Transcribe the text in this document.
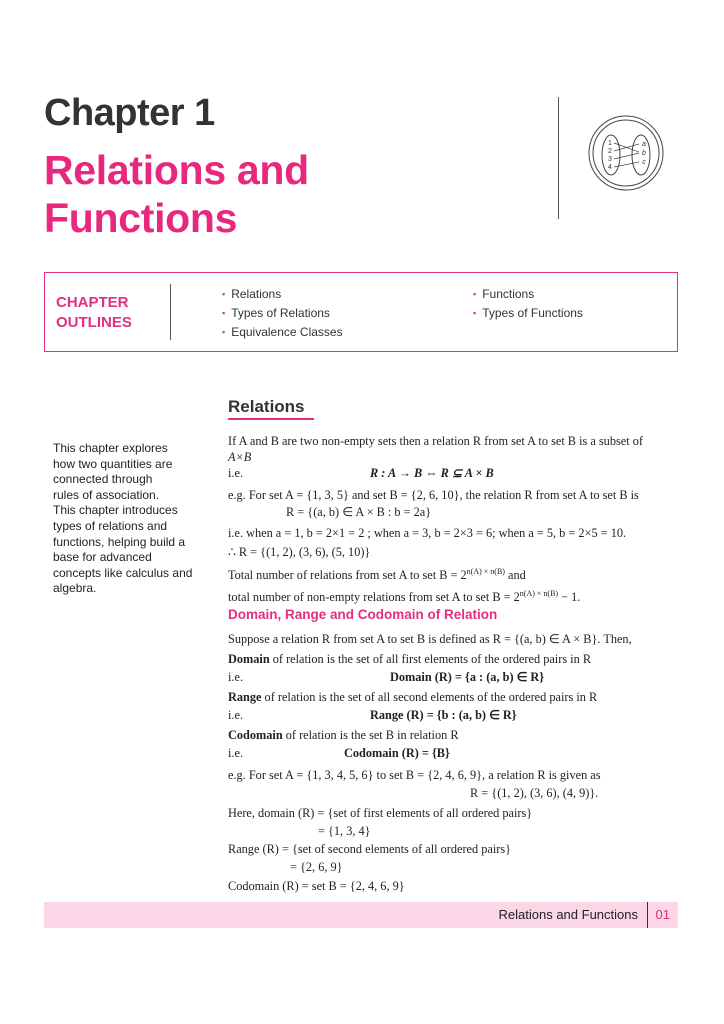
Chapter 1
Relations and
Functions
1
2
3
4
a
b
c
CHAPTER
OUTLINES
▪ Relations
▪ Types of Relations
▪ Equivalence Classes
▪ Functions
▪ Types of Functions
This chapter explores
how two quantities are
connected through
rules of association.
This chapter introduces
types of relations and
functions, helping build a
base for advanced
concepts like calculus and
algebra.
Relations
If A and B are two non-empty sets then a relation R from set A to set B is a subset of
A×B
i.e.	R : A → B ⇔ R ⊆ A × B
e.g. For set A = {1, 3, 5} and set B = {2, 6, 10}, the relation R from set A to set B is
R = {(a, b) ∈ A × B : b = 2a}
i.e. when a = 1, b = 2×1 = 2 ; when a = 3, b = 2×3 = 6; when a = 5, b = 2×5 = 10.
∴ R = {(1, 2), (3, 6), (5, 10)}
Total number of relations from set A to set $B = 2^{n(A) \times n(B)}$ and
total number of non-empty relations from set A to set $B = 2^{n(A) \times n(B)} - 1$.
Domain, Range and Codomain of Relation
Suppose a relation R from set A to set B is defined as R = {(a, b) ∈ A × B}. Then,
Domain of relation is the set of all first elements of the ordered pairs in R
i.e.	Domain (R) = {a : (a, b) ∈ R}
Range of relation is the set of all second elements of the ordered pairs in R
i.e.	Range (R) = {b : (a, b) ∈ R}
Codomain of relation is the set B in relation R
i.e.	Codomain (R) = {B}
e.g. For set A = {1, 3, 4, 5, 6} to set B = {2, 4, 6, 9}, a relation R is given as
R = {(1, 2), (3, 6), (4, 9)}.
Here, domain (R) = {set of first elements of all ordered pairs}
= {1, 3, 4}
Range (R) = {set of second elements of all ordered pairs}
= {2, 6, 9}
Codomain (R) = set B = {2, 4, 6, 9}
Relations and Functions 01
